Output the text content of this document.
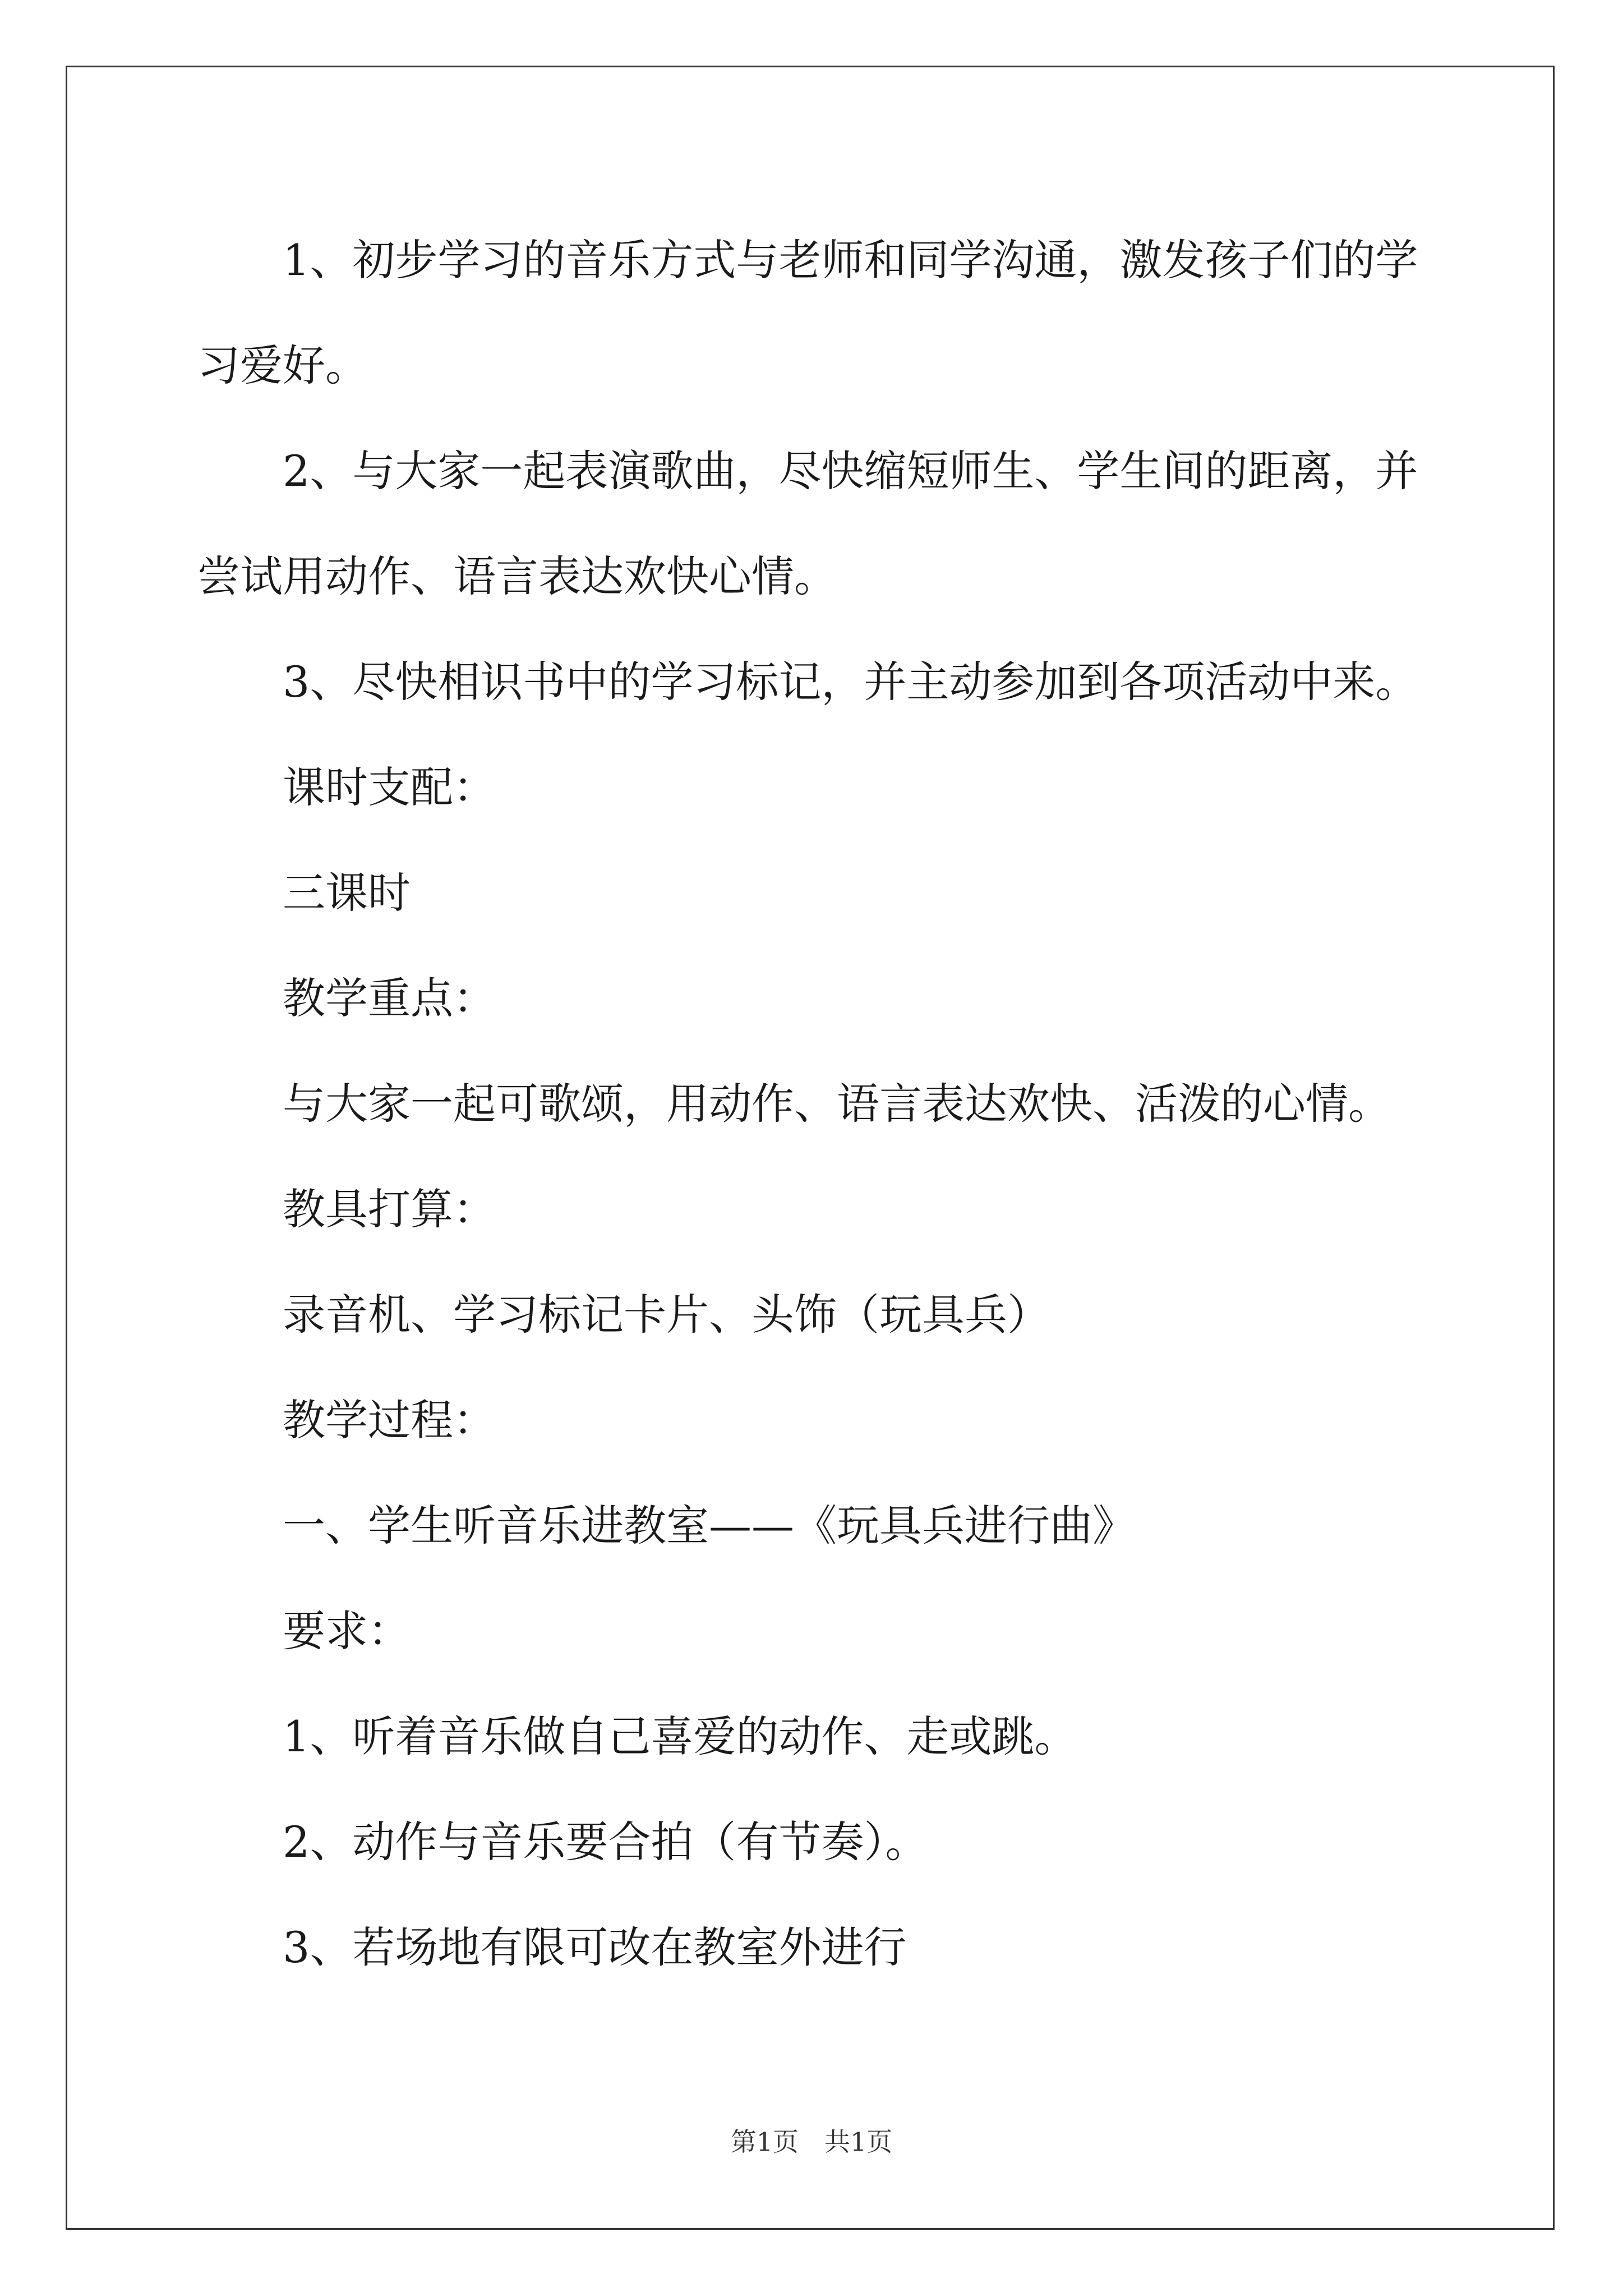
1、初步学习的音乐方式与老师和同学沟通，激发孩子们的学习爱好。

2、与大家一起表演歌曲，尽快缩短师生、学生间的距离，并尝试用动作、语言表达欢快心情。

3、尽快相识书中的学习标记，并主动参加到各项活动中来。

课时支配：

三课时

教学重点：

与大家一起可歌颂，用动作、语言表达欢快、活泼的心情。

教具打算：

录音机、学习标记卡片、头饰（玩具兵）

教学过程：

一、学生听音乐进教室——《玩具兵进行曲》

要求：

1、听着音乐做自己喜爱的动作、走或跳。

2、动作与音乐要合拍（有节奏）。

3、若场地有限可改在教室外进行

第1页　共1页
